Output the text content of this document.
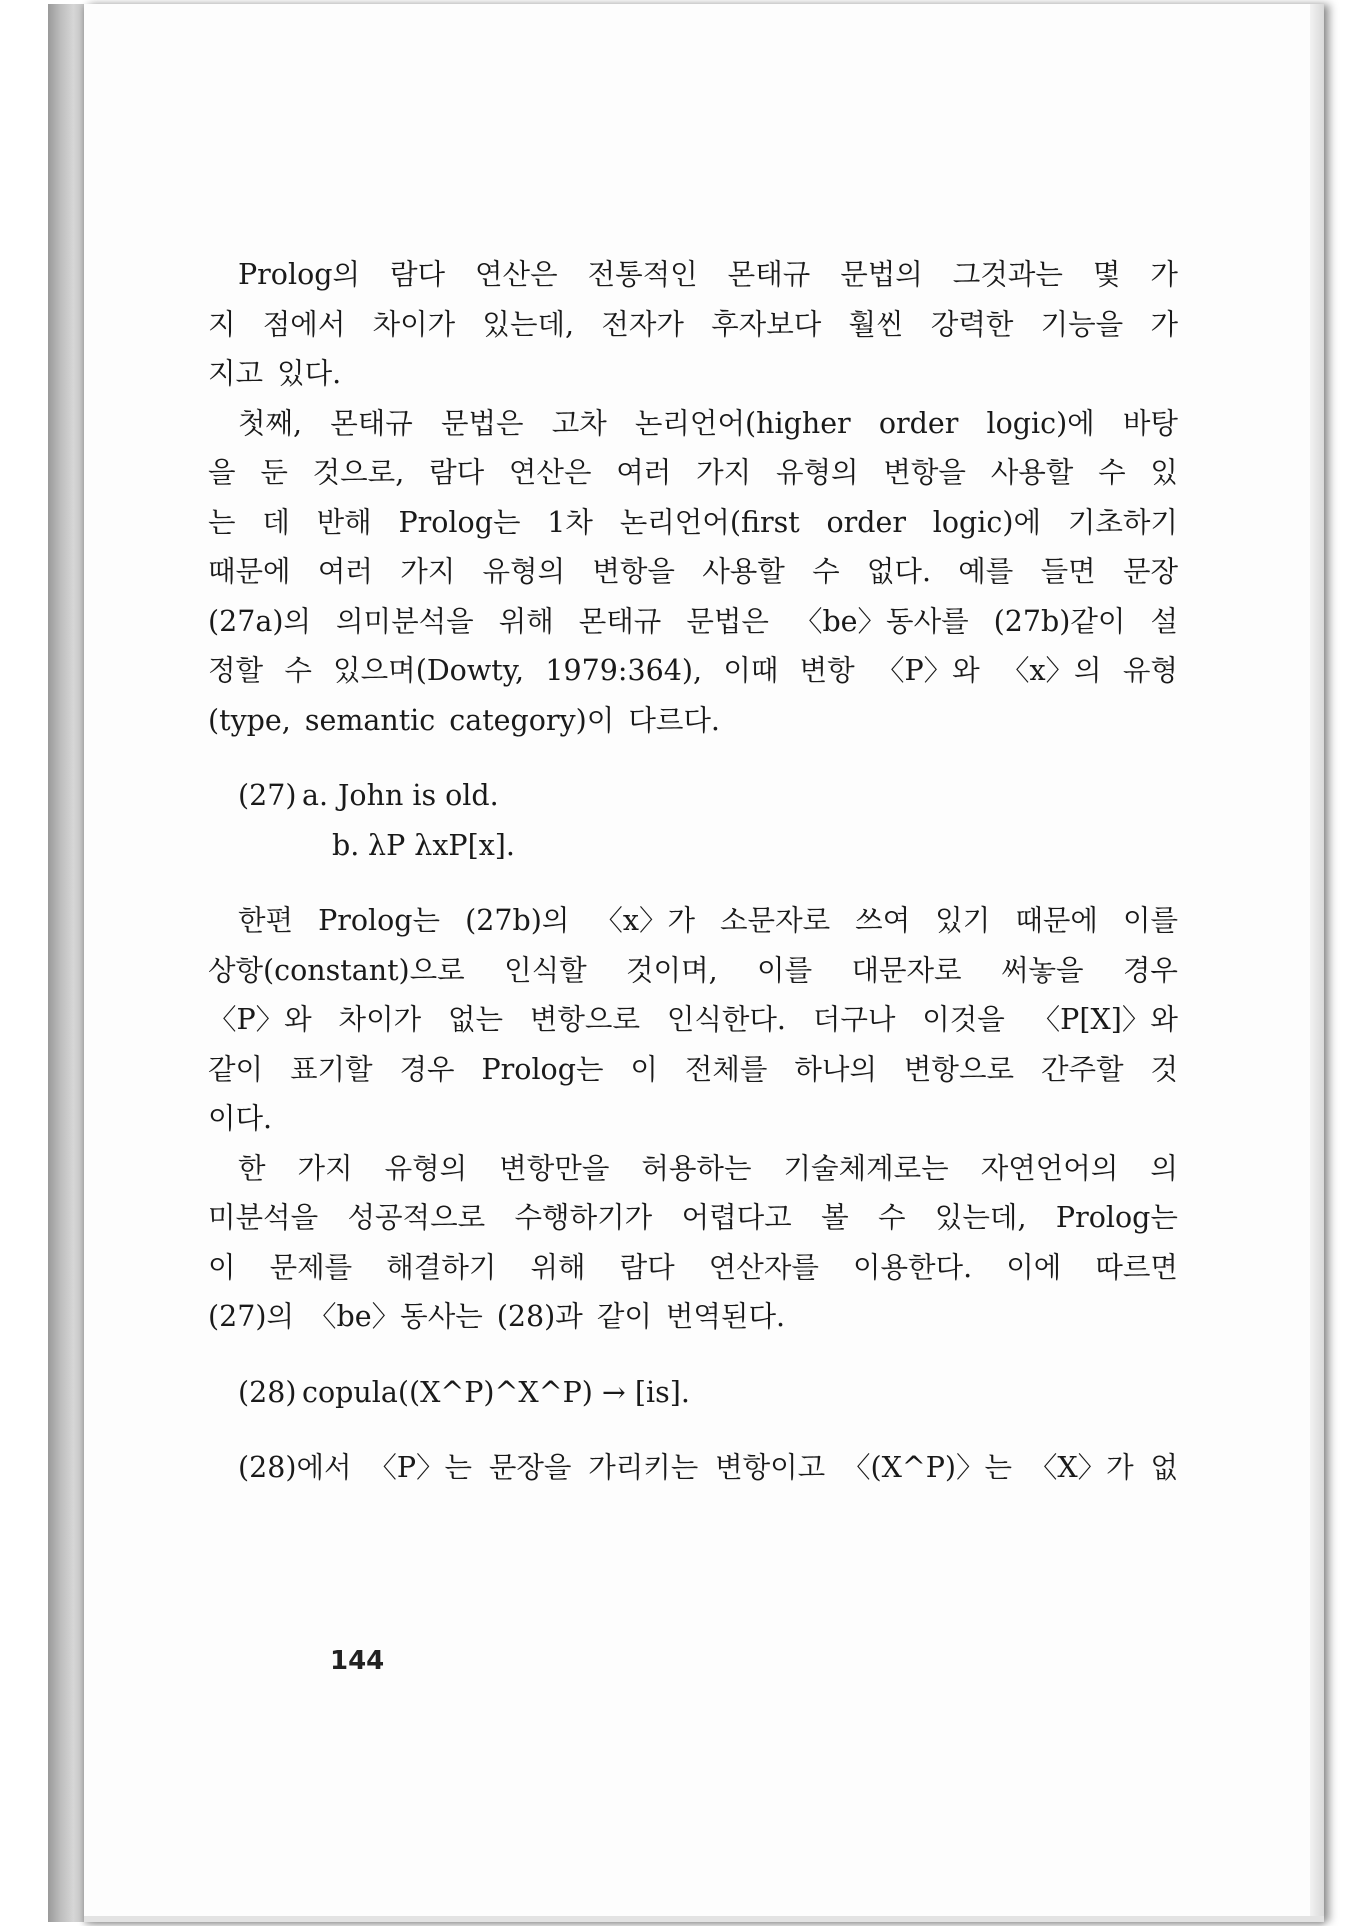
Prolog의 람다 연산은 전통적인 몬태규 문법의 그것과는 몇 가
지 점에서 차이가 있는데, 전자가 후자보다 훨씬 강력한 기능을 가
지고 있다.
첫째, 몬태규 문법은 고차 논리언어(higher order logic)에 바탕
을 둔 것으로, 람다 연산은 여러 가지 유형의 변항을 사용할 수 있
는 데 반해 Prolog는 1차 논리언어(first order logic)에 기초하기
때문에 여러 가지 유형의 변항을 사용할 수 없다. 예를 들면 문장
(27a)의 의미분석을 위해 몬태규 문법은 〈be〉동사를 (27b)같이 설
정할 수 있으며(Dowty, 1979:364), 이때 변항 〈P〉와 〈x〉의 유형
(type, semantic category)이 다르다.
(27) a. John is old.
b. λP λxP[x].
한편 Prolog는 (27b)의 〈x〉가 소문자로 쓰여 있기 때문에 이를
상항(constant)으로 인식할 것이며, 이를 대문자로 써놓을 경우
〈P〉와 차이가 없는 변항으로 인식한다. 더구나 이것을 〈P[X]〉와
같이 표기할 경우 Prolog는 이 전체를 하나의 변항으로 간주할 것
이다.
한 가지 유형의 변항만을 허용하는 기술체계로는 자연언어의 의
미분석을 성공적으로 수행하기가 어렵다고 볼 수 있는데, Prolog는
이 문제를 해결하기 위해 람다 연산자를 이용한다. 이에 따르면
(27)의 〈be〉동사는 (28)과 같이 번역된다.
(28) copula((X^P)^X^P) → [is].
(28)에서 〈P〉는 문장을 가리키는 변항이고 〈(X^P)〉는 〈X〉가 없
144
